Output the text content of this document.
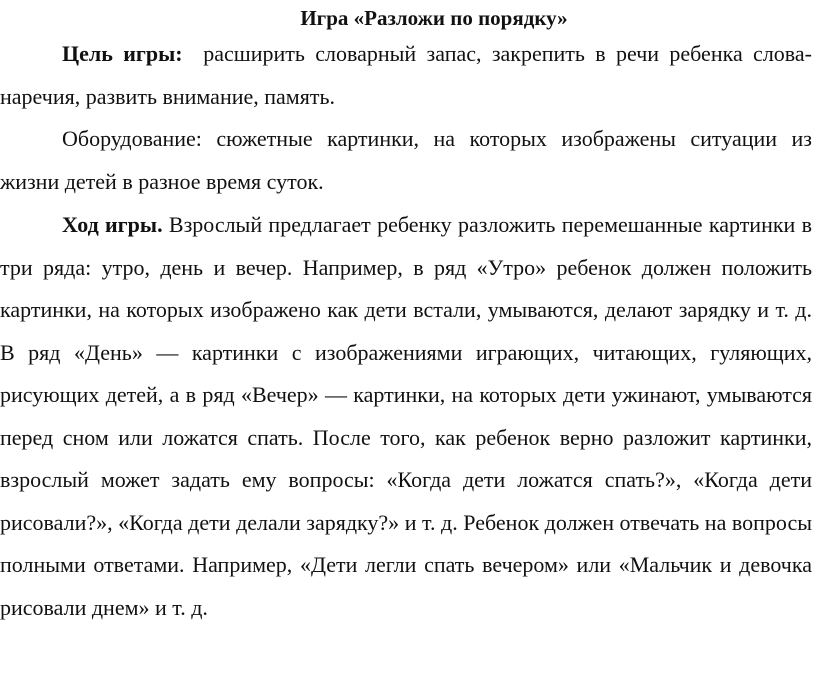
Игра «Разложи по порядку»

Цель игры: расширить словарный запас, закрепить в речи ребенка слова-наречия, развить внимание, память.

Оборудование: сюжетные картинки, на которых изображены ситуации из жизни детей в разное время суток.

Ход игры. Взрослый предлагает ребенку разложить перемешанные картинки в три ряда: утро, день и вечер. Например, в ряд «Утро» ребенок должен положить картинки, на которых изображено как дети встали, умываются, делают зарядку и т. д. В ряд «День» — картинки с изображениями играющих, читающих, гуляющих, рисующих детей, а в ряд «Вечер» — картинки, на которых дети ужинают, умываются перед сном или ложатся спать. После того, как ребенок верно разложит картинки, взрослый может задать ему вопросы: «Когда дети ложатся спать?», «Когда дети рисовали?», «Когда дети делали зарядку?» и т. д. Ребенок должен отвечать на вопросы полными ответами. Например, «Дети легли спать вечером» или «Мальчик и девочка рисовали днем» и т. д.
